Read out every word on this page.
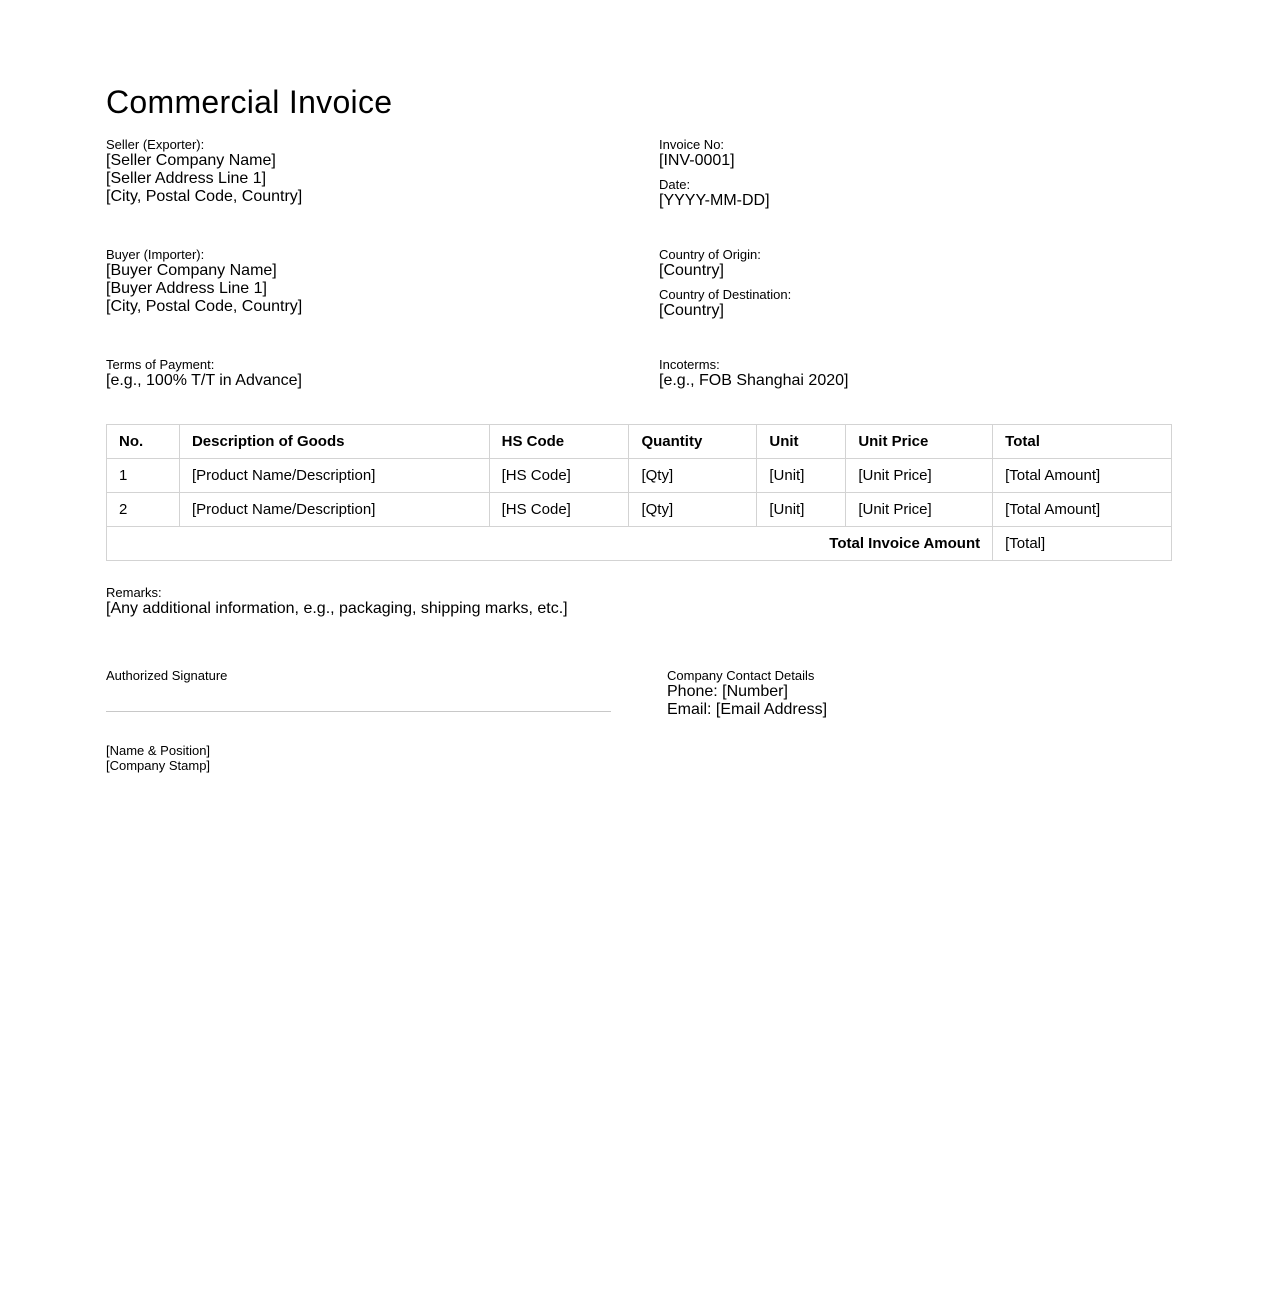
Commercial Invoice
Seller (Exporter):
[Seller Company Name]
[Seller Address Line 1]
[City, Postal Code, Country]
Invoice No:
[INV-0001]
Date:
[YYYY-MM-DD]
Buyer (Importer):
[Buyer Company Name]
[Buyer Address Line 1]
[City, Postal Code, Country]
Country of Origin:
[Country]
Country of Destination:
[Country]
Terms of Payment:
[e.g., 100% T/T in Advance]
Incoterms:
[e.g., FOB Shanghai 2020]
No.	Description of Goods	HS Code	Quantity	Unit	Unit Price	Total
1	[Product Name/Description]	[HS Code]	[Qty]	[Unit]	[Unit Price]	[Total Amount]
2	[Product Name/Description]	[HS Code]	[Qty]	[Unit]	[Unit Price]	[Total Amount]
Total Invoice Amount						[Total]
Remarks:
[Any additional information, e.g., packaging, shipping marks, etc.]
Authorized Signature
[Name & Position]
[Company Stamp]
Company Contact Details
Phone: [Number]
Email: [Email Address]
